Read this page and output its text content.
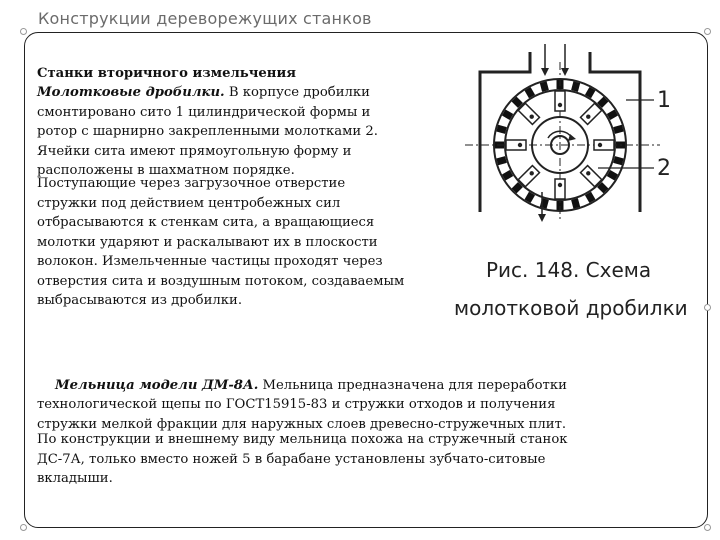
Конструкции дереворежущих станков

Станки вторичного измельчения
Молотковые дробилки. В корпусе дробилки
смонтировано сито 1 цилиндрической формы и
ротор с шарнирно закрепленными молотками 2.
Ячейки сита имеют прямоугольную форму и
расположены в шахматном порядке.

Поступающие через загрузочное отверстие
стружки под действием центробежных сил
отбрасываются к стенкам сита, а вращающиеся
молотки ударяют и раскалывают их в плоскости
волокон. Измельченные частицы проходят через
отверстия сита и воздушным потоком, создаваемым
выбрасываются из дробилки.
1
2
Рис. 148. Схема
молотковой дробилки

Мельница модели ДМ-8А. Мельница предназначена для переработки
технологической щепы по ГОСТ15915-83 и стружки отходов и получения
стружки мелкой фракции для наружных слоев древесно-стружечных плит.

По конструкции и внешнему виду мельница похожа на стружечный станок
ДС-7А, только вместо ножей 5 в барабане установлены зубчато-ситовые
вкладыши.
